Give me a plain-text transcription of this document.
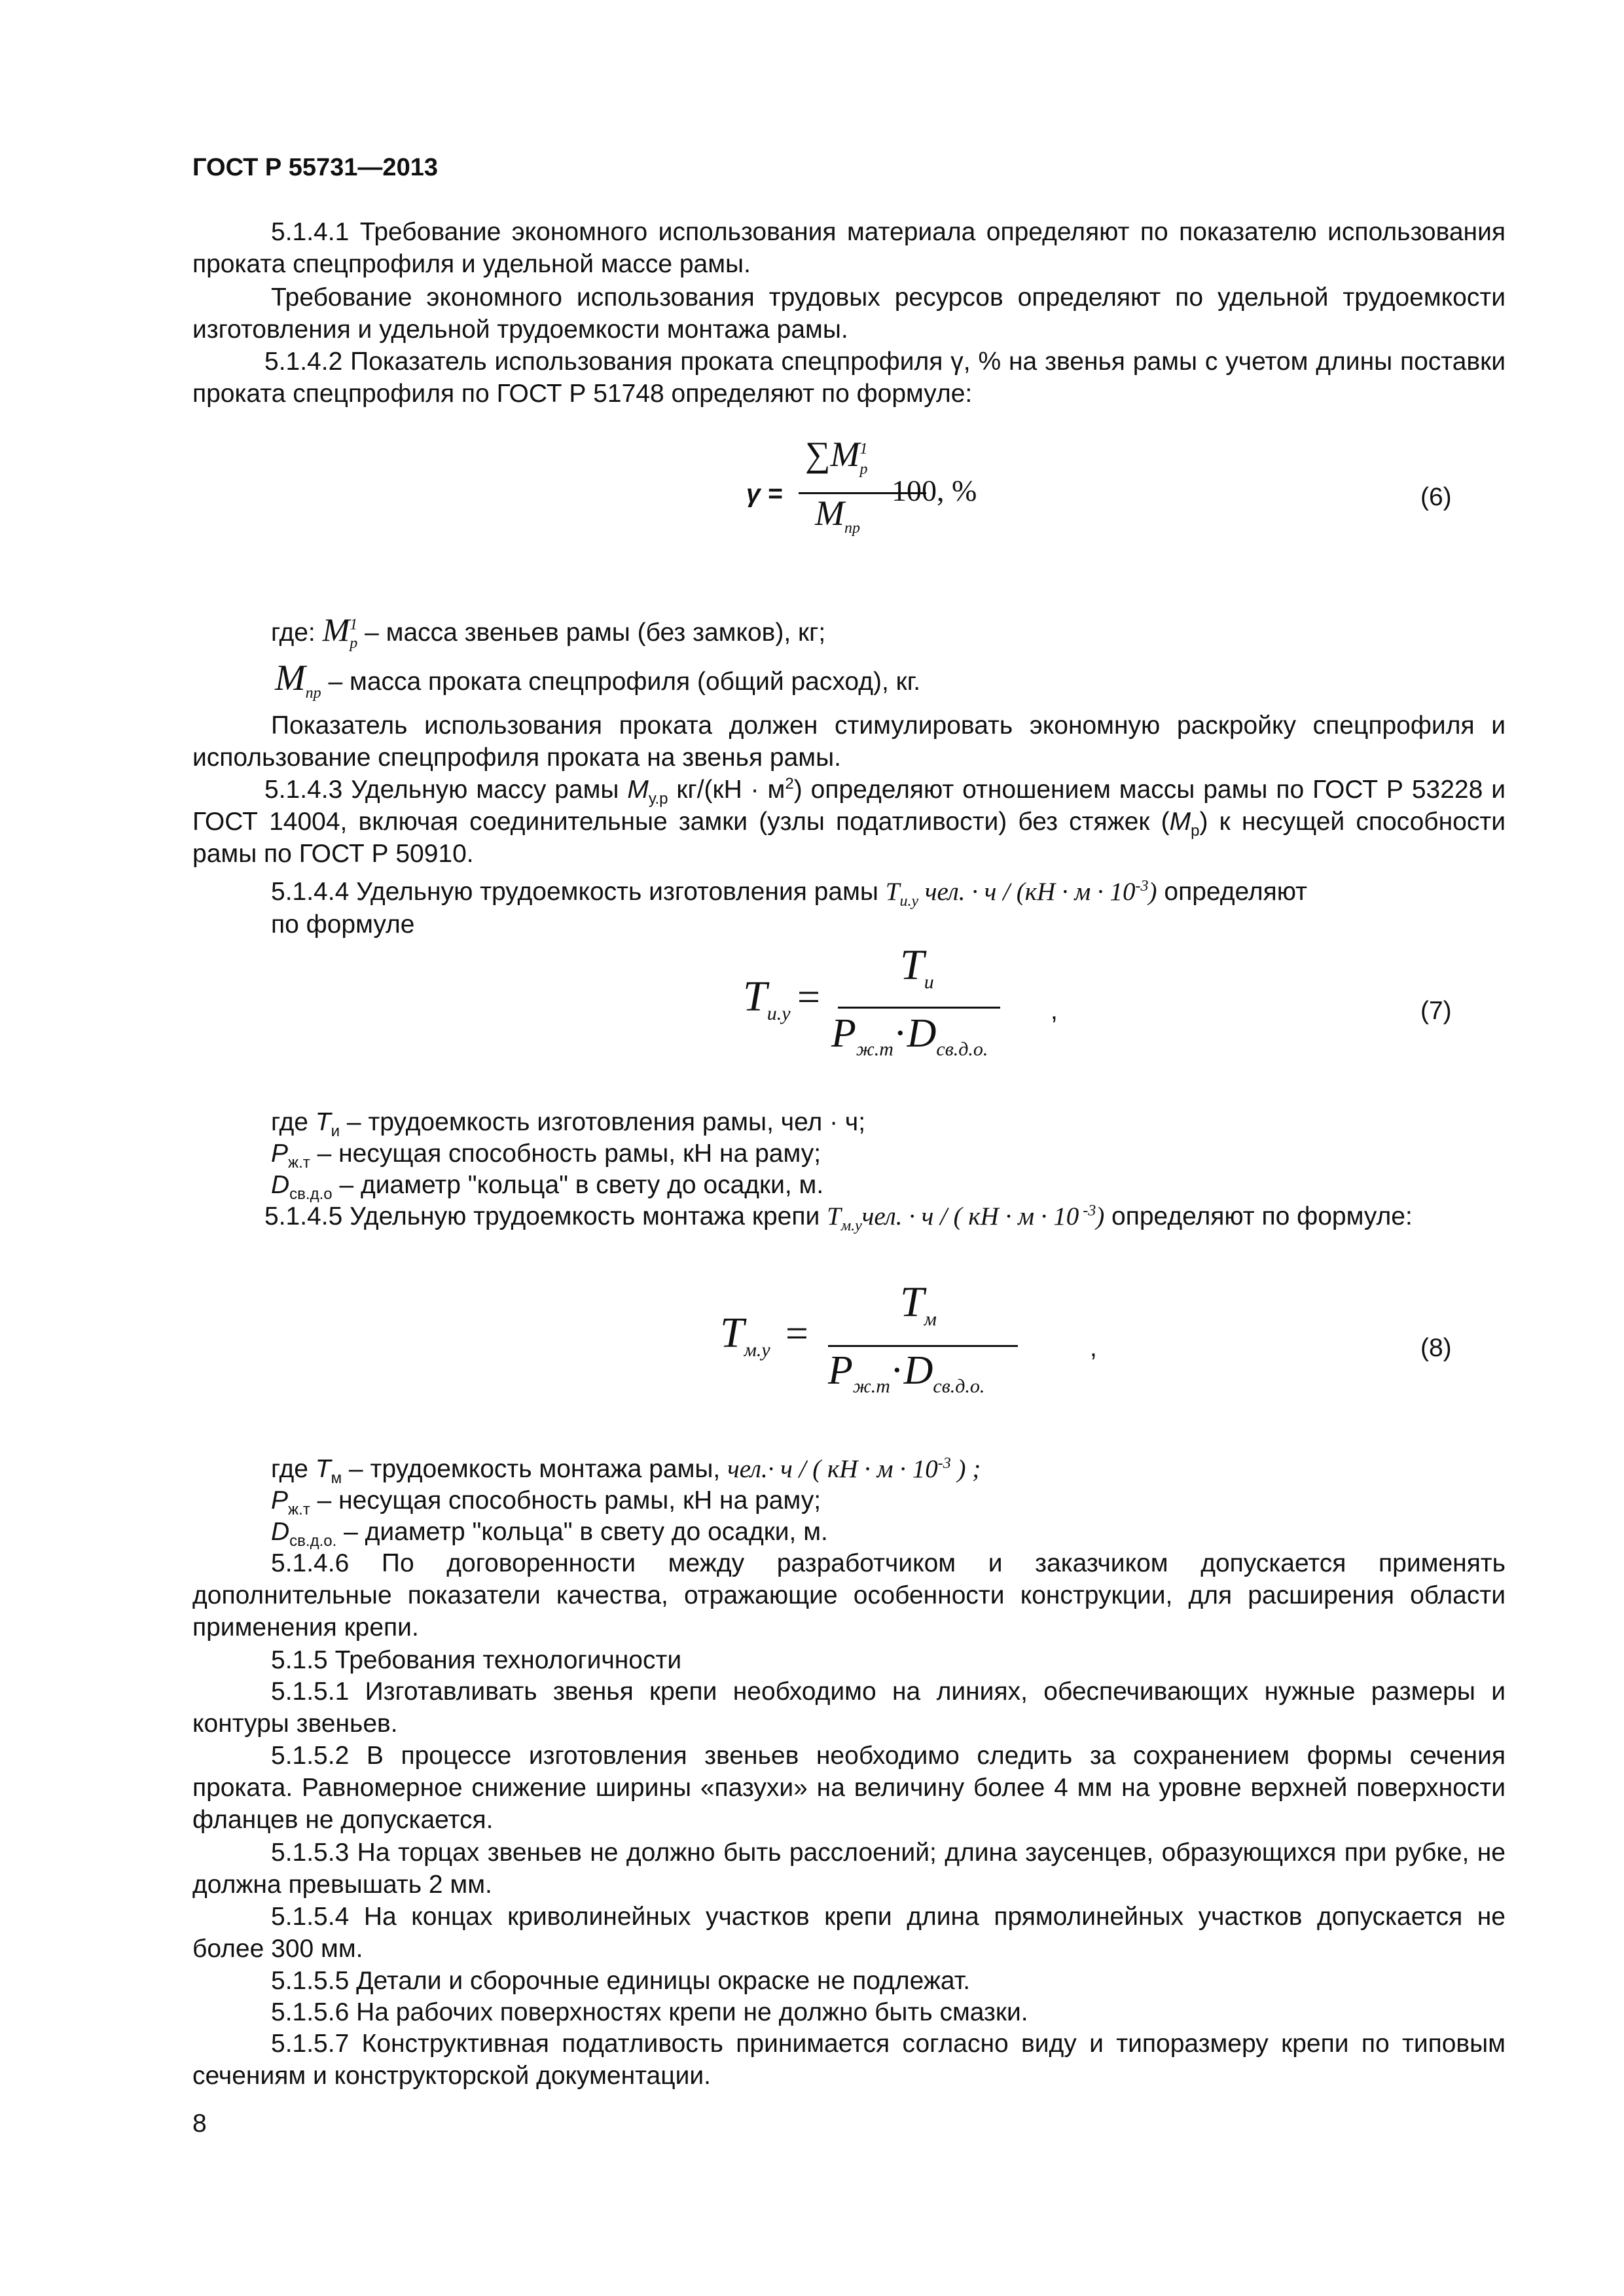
ГОСТ Р 55731—2013
5.1.4.1 Требование экономного использования материала определяют по показателю использования проката спецпрофиля и удельной массе рамы.
Требование экономного использования трудовых ресурсов определяют по удельной трудоемкости изготовления и удельной трудоемкости монтажа рамы.
5.1.4.2 Показатель использования проката спецпрофиля γ, % на звенья рамы с учетом длины поставки проката спецпрофиля по ГОСТ Р 51748 определяют по формуле:
γ =
$\sum M^1_р$
$M_{пр}$
100, %	(6)
где: $M^1_р$ – масса звеньев рамы (без замков), кг;
$M_{пр}$ – масса проката спецпрофиля (общий расход), кг.
Показатель использования проката должен стимулировать экономную раскройку спецпрофиля и использование спецпрофиля проката на звенья рамы.
5.1.4.3 Удельную массу рамы $M_{у.р}$ $кг/(кН \cdot м^2)$ определяют отношением массы рамы по ГОСТ Р 53228 и ГОСТ 14004, включая соединительные замки (узлы податливости) без стяжек $(M_р)$ к несущей способности рамы по ГОСТ Р 50910.
5.1.4.4 Удельную трудоемкость изготовления рамы $T_{и.у}$ чел. · $ч / (кН \cdot м \cdot 10^{-3})$ определяют
по формуле
$T_{и.у}$ =
$T_и$
$P_{ж.т}\cdot D_{св.д.о.}$
,	(7)
где $T_и$ – трудоемкость изготовления рамы, чел · ч;
$P_{ж.т}$ – несущая способность рамы, кН на раму;
$D_{св.д.о}$ – диаметр "кольца" в свету до осадки, м.
5.1.4.5 Удельную трудоемкость монтажа крепи $T_{м.у}чел$. · ч / ( кН · м · 10 $^{-3}$) определяют по формуле:
$T_{м.у}$ =
$T_м$
$P_{ж.т}\cdot D_{св.д.о.}$
,	(8)
где $T_м$ – трудоемкость монтажа рамы, чел.· ч / ( кН · $м \cdot 10^{-3}$ ) ;
$P_{ж.т}$ – несущая способность рамы, кН на раму;
$D_{св.д.о.}$ – диаметр "кольца" в свету до осадки, м.
5.1.4.6 По договоренности между разработчиком и заказчиком допускается применять дополнительные показатели качества, отражающие особенности конструкции, для расширения области применения крепи.
5.1.5 Требования технологичности
5.1.5.1 Изготавливать звенья крепи необходимо на линиях, обеспечивающих нужные размеры и контуры звеньев.
5.1.5.2 В процессе изготовления звеньев необходимо следить за сохранением формы сечения проката. Равномерное снижение ширины «пазухи» на величину более 4 мм на уровне верхней поверхности фланцев не допускается.
5.1.5.3 На торцах звеньев не должно быть расслоений; длина заусенцев, образующихся при рубке, не должна превышать 2 мм.
5.1.5.4 На концах криволинейных участков крепи длина прямолинейных участков допускается не более 300 мм.
5.1.5.5 Детали и сборочные единицы окраске не подлежат.
5.1.5.6 На рабочих поверхностях крепи не должно быть смазки.
5.1.5.7 Конструктивная податливость принимается согласно виду и типоразмеру крепи по типовым сечениям и конструкторской документации.
8
